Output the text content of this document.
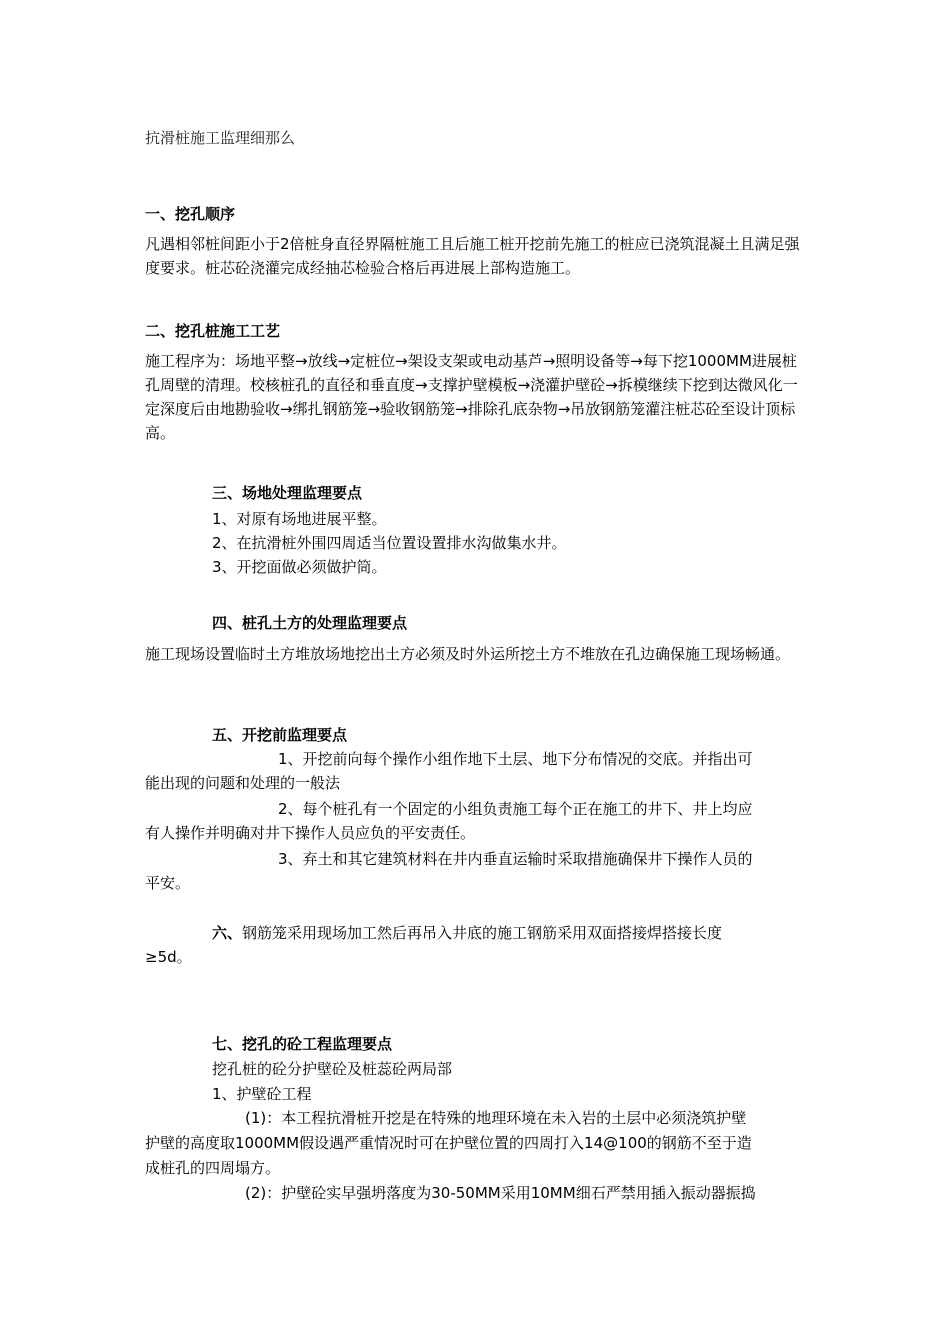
抗滑桩施工监理细那么
一、挖孔顺序
凡遇相邻桩间距小于2倍桩身直径界隔桩施工且后施工桩开挖前先施工的桩应已浇筑混凝土且满足强度要求。桩芯砼浇灌完成经抽芯检验合格后再进展上部构造施工。
二、挖孔桩施工工艺
施工程序为：场地平整→放线→定桩位→架设支架或电动基芦→照明设备等→每下挖1000MM进展桩孔周壁的清理。校核桩孔的直径和垂直度→支撑护壁模板→浇灌护壁砼→拆模继续下挖到达微风化一定深度后由地勘验收→绑扎钢筋笼→验收钢筋笼→排除孔底杂物→吊放钢筋笼灌注桩芯砼至设计顶标高。
三、场地处理监理要点
1、对原有场地进展平整。
2、在抗滑桩外围四周适当位置设置排水沟做集水井。
3、开挖面做必须做护筒。
四、桩孔土方的处理监理要点
施工现场设置临时土方堆放场地挖出土方必须及时外运所挖土方不堆放在孔边确保施工现场畅通。
五、开挖前监理要点
1、开挖前向每个操作小组作地下土层、地下分布情况的交底。并指出可
能出现的问题和处理的一般法
2、每个桩孔有一个固定的小组负责施工每个正在施工的井下、井上均应
有人操作并明确对井下操作人员应负的平安责任。
3、弃土和其它建筑材料在井内垂直运输时采取措施确保井下操作人员的
平安。
六、钢筋笼采用现场加工然后再吊入井底的施工钢筋采用双面搭接焊搭接长度
≥5d。
七、挖孔的砼工程监理要点
挖孔桩的砼分护壁砼及桩蕊砼两局部
1、护壁砼工程
(1)：本工程抗滑桩开挖是在特殊的地理环境在未入岩的土层中必须浇筑护壁
护壁的高度取1000MM假设遇严重情况时可在护壁位置的四周打入14@100的钢筋不至于造
成桩孔的四周塌方。
(2)：护壁砼实早强坍落度为30-50MM采用10MM细石严禁用插入振动器振捣
